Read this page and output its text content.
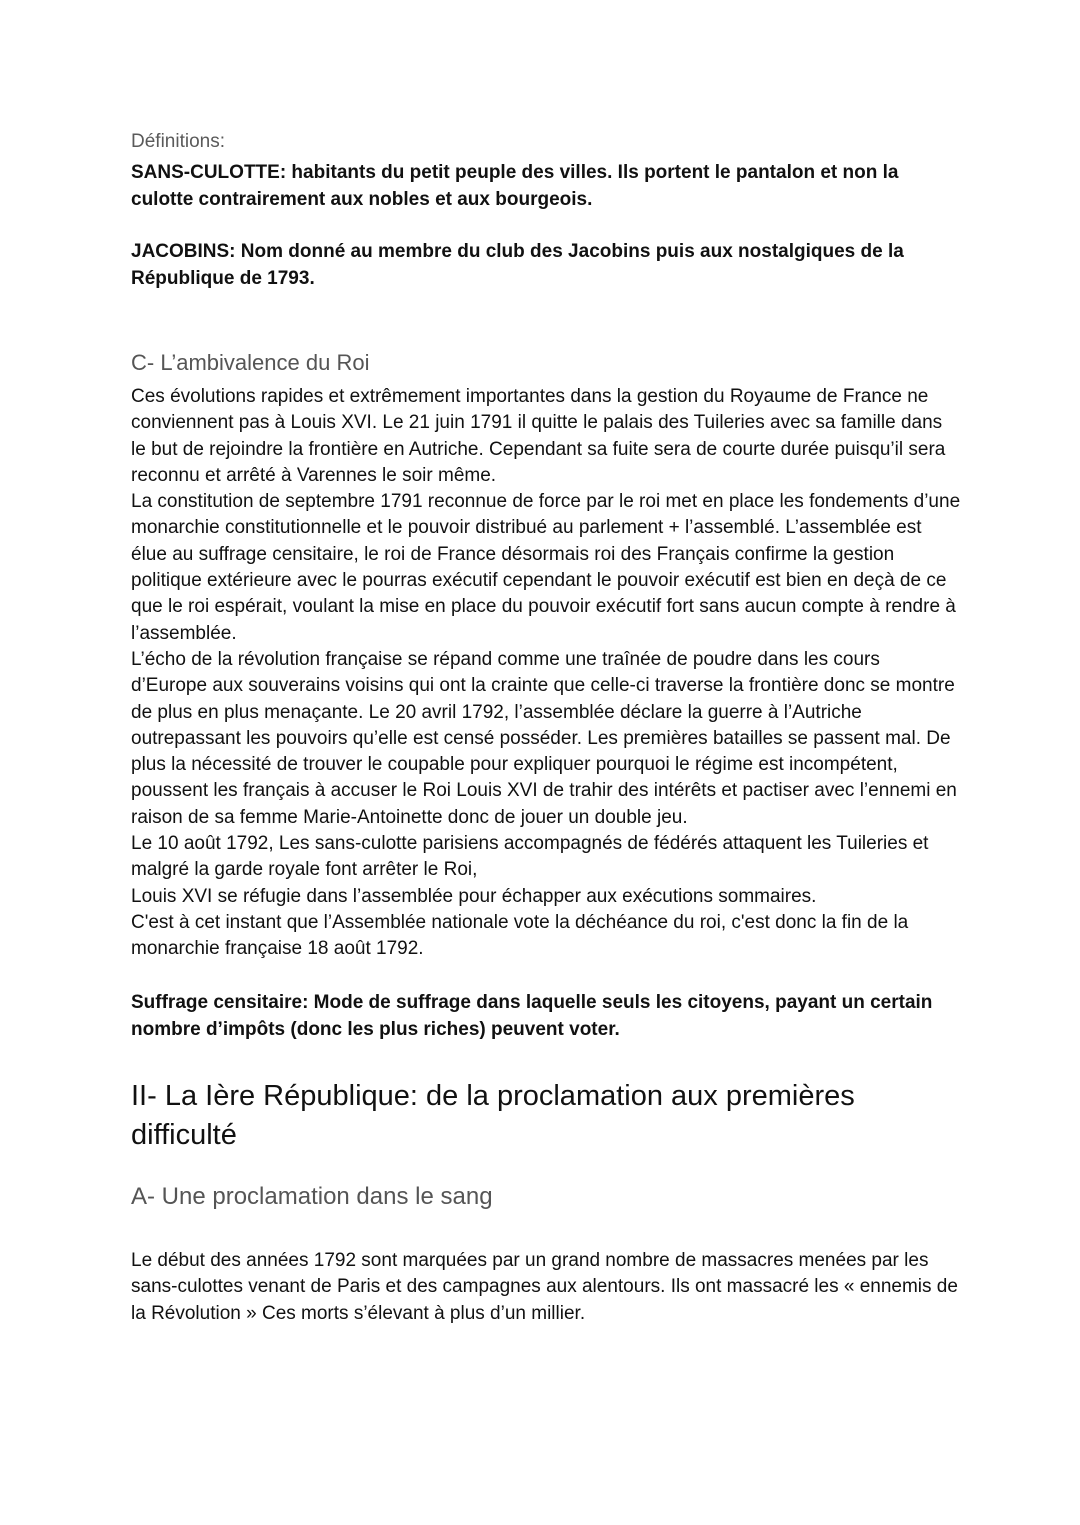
Définitions:

SANS-CULOTTE: habitants du petit peuple des villes. Ils portent le pantalon et non la culotte contrairement aux nobles et aux bourgeois.

JACOBINS: Nom donné au membre du club des Jacobins puis aux nostalgiques de la République de 1793.

C- L’ambivalence du Roi

Ces évolutions rapides et extrêmement importantes dans la gestion du Royaume de France ne conviennent pas à Louis XVI. Le 21 juin 1791 il quitte le palais des Tuileries avec sa famille dans le but de rejoindre la frontière en Autriche. Cependant sa fuite sera de courte durée puisqu’il sera reconnu et arrêté à Varennes le soir même.

La constitution de septembre 1791 reconnue de force par le roi met en place les fondements d’une monarchie constitutionnelle et le pouvoir distribué au parlement + l’assemblé. L’assemblée est élue au suffrage censitaire, le roi de France désormais roi des Français confirme la gestion politique extérieure avec le pourras exécutif cependant le pouvoir exécutif est bien en deçà de ce que le roi espérait, voulant la mise en place du pouvoir exécutif fort sans aucun compte à rendre à l’assemblée.

L’écho de la révolution française se répand comme une traînée de poudre dans les cours d’Europe aux souverains voisins qui ont la crainte que celle-ci traverse la frontière donc se montre de plus en plus menaçante. Le 20 avril 1792, l’assemblée déclare la guerre à l’Autriche outrepassant les pouvoirs qu’elle est censé posséder. Les premières batailles se passent mal. De plus la nécessité de trouver le coupable pour expliquer pourquoi le régime est incompétent, poussent les français à accuser le Roi Louis XVI de trahir des intérêts et pactiser avec l’ennemi en raison de sa femme Marie-Antoinette donc de jouer un double jeu.

Le 10 août 1792, Les sans-culotte parisiens accompagnés de fédérés attaquent les Tuileries et malgré la garde royale font arrêter le Roi,

Louis XVI se réfugie dans l’assemblée pour échapper aux exécutions sommaires.

C'est à cet instant que l’Assemblée nationale vote la déchéance du roi, c'est donc la fin de la monarchie française 18 août 1792.

Suffrage censitaire: Mode de suffrage dans laquelle seuls les citoyens, payant un certain nombre d’impôts (donc les plus riches) peuvent voter.

II- La Ière République: de la proclamation aux premières difficulté
A- Une proclamation dans le sang

Le début des années 1792 sont marquées par un grand nombre de massacres menées par les sans-culottes venant de Paris et des campagnes aux alentours. Ils ont massacré les « ennemis de la Révolution » Ces morts s’élevant à plus d’un millier.
